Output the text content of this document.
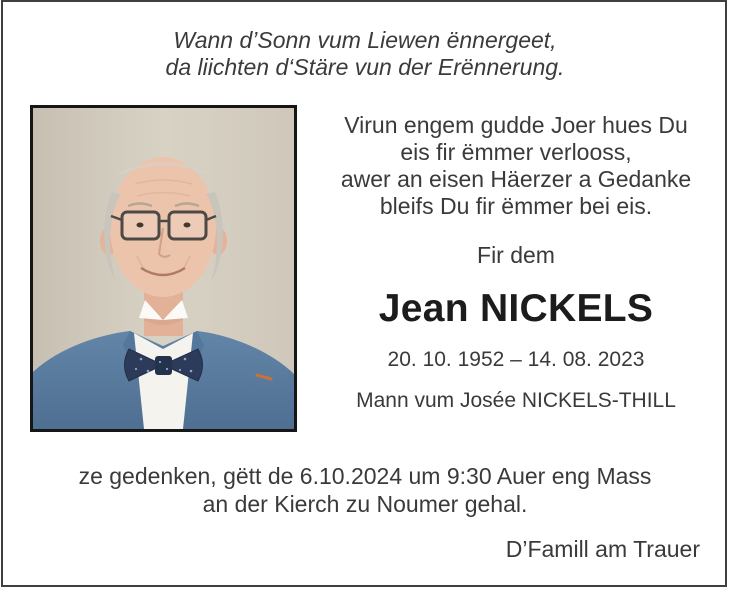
Wann d’Sonn vum Liewen ënnergeet,
da liichten d‘Stäre vun der Erënnerung.
Virun engem gudde Joer hues Du
eis fir ëmmer verlooss,
awer an eisen Häerzer a Gedanke
bleifs Du fir ëmmer bei eis.
Fir dem
Jean NICKELS
20. 10. 1952 – 14. 08. 2023
Mann vum Josée NICKELS-THILL
ze gedenken, gëtt de 6.10.2024 um 9:30 Auer eng Mass
an der Kierch zu Noumer gehal.
D’Famill am Trauer
